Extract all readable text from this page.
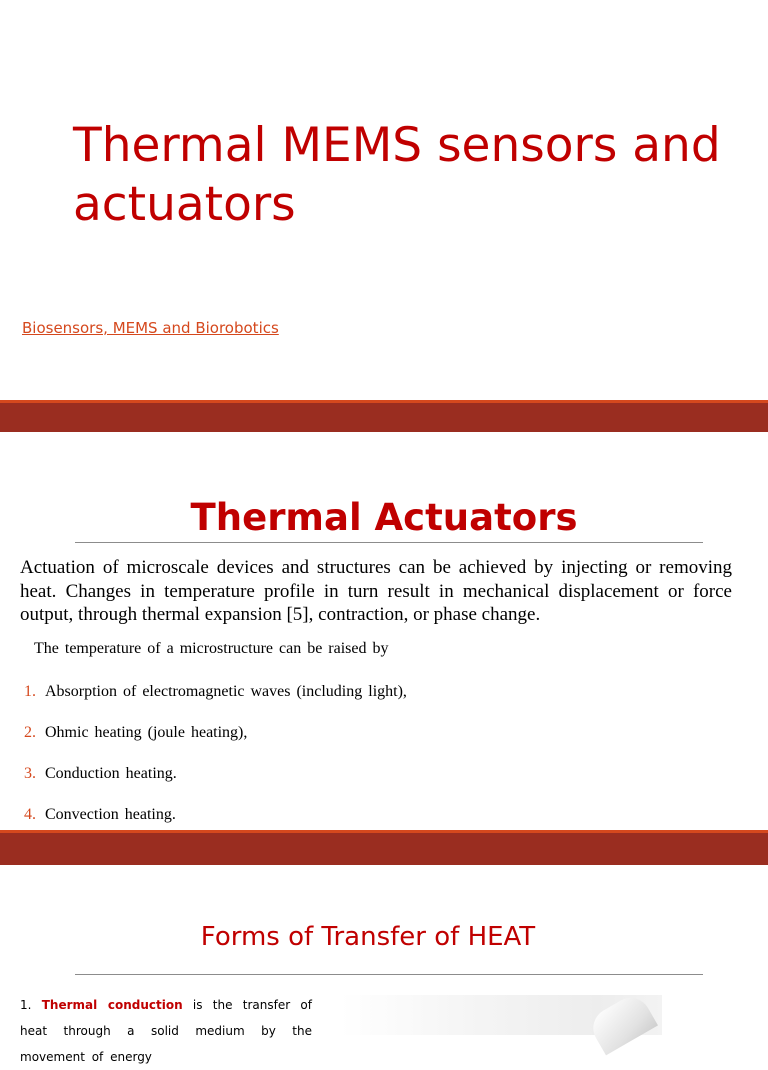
Thermal MEMS sensors and actuators
Biosensors, MEMS and Biorobotics
Thermal Actuators

Actuation of microscale devices and structures can be achieved by injecting or removing heat. Changes in temperature profile in turn result in mechanical displacement or force output, through thermal expansion [5], contraction, or phase change.

The temperature of a microstructure can be raised by
1. Absorption of electromagnetic waves (including light),
2. Ohmic heating (joule heating),
3. Conduction heating.
4. Convection heating.
Forms of Transfer of HEAT

1. Thermal conduction is the transfer of heat through a solid medium by the movement of energy
